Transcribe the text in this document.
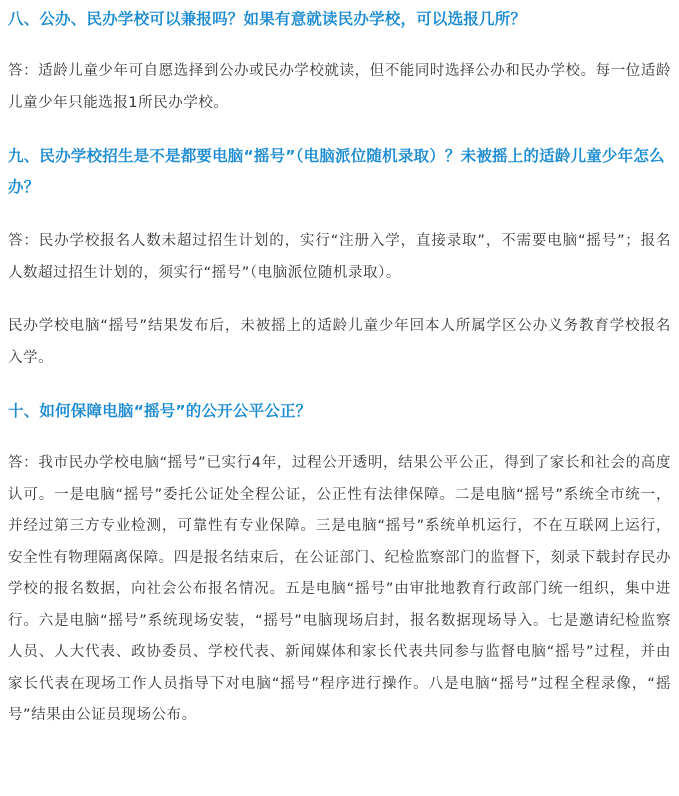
八、公办、民办学校可以兼报吗？如果有意就读民办学校，可以选报几所？

答：适龄儿童少年可自愿选择到公办或民办学校就读，但不能同时选择公办和民办学校。每一位适龄儿童少年只能选报1所民办学校。

九、民办学校招生是不是都要电脑“摇号”（电脑派位随机录取）？未被摇上的适龄儿童少年怎么办？

答：民办学校报名人数未超过招生计划的，实行“注册入学，直接录取”，不需要电脑“摇号”；报名人数超过招生计划的，须实行“摇号”（电脑派位随机录取）。

民办学校电脑“摇号”结果发布后，未被摇上的适龄儿童少年回本人所属学区公办义务教育学校报名入学。

十、如何保障电脑“摇号”的公开公平公正？

答：我市民办学校电脑“摇号”已实行4年，过程公开透明，结果公平公正，得到了家长和社会的高度认可。一是电脑“摇号”委托公证处全程公证，公正性有法律保障。二是电脑“摇号”系统全市统一，并经过第三方专业检测，可靠性有专业保障。三是电脑“摇号”系统单机运行，不在互联网上运行，安全性有物理隔离保障。四是报名结束后，在公证部门、纪检监察部门的监督下，刻录下载封存民办学校的报名数据，向社会公布报名情况。五是电脑“摇号”由审批地教育行政部门统一组织，集中进行。六是电脑“摇号”系统现场安装，“摇号”电脑现场启封，报名数据现场导入。七是邀请纪检监察人员、人大代表、政协委员、学校代表、新闻媒体和家长代表共同参与监督电脑“摇号”过程，并由家长代表在现场工作人员指导下对电脑“摇号”程序进行操作。八是电脑“摇号”过程全程录像，“摇号”结果由公证员现场公布。
